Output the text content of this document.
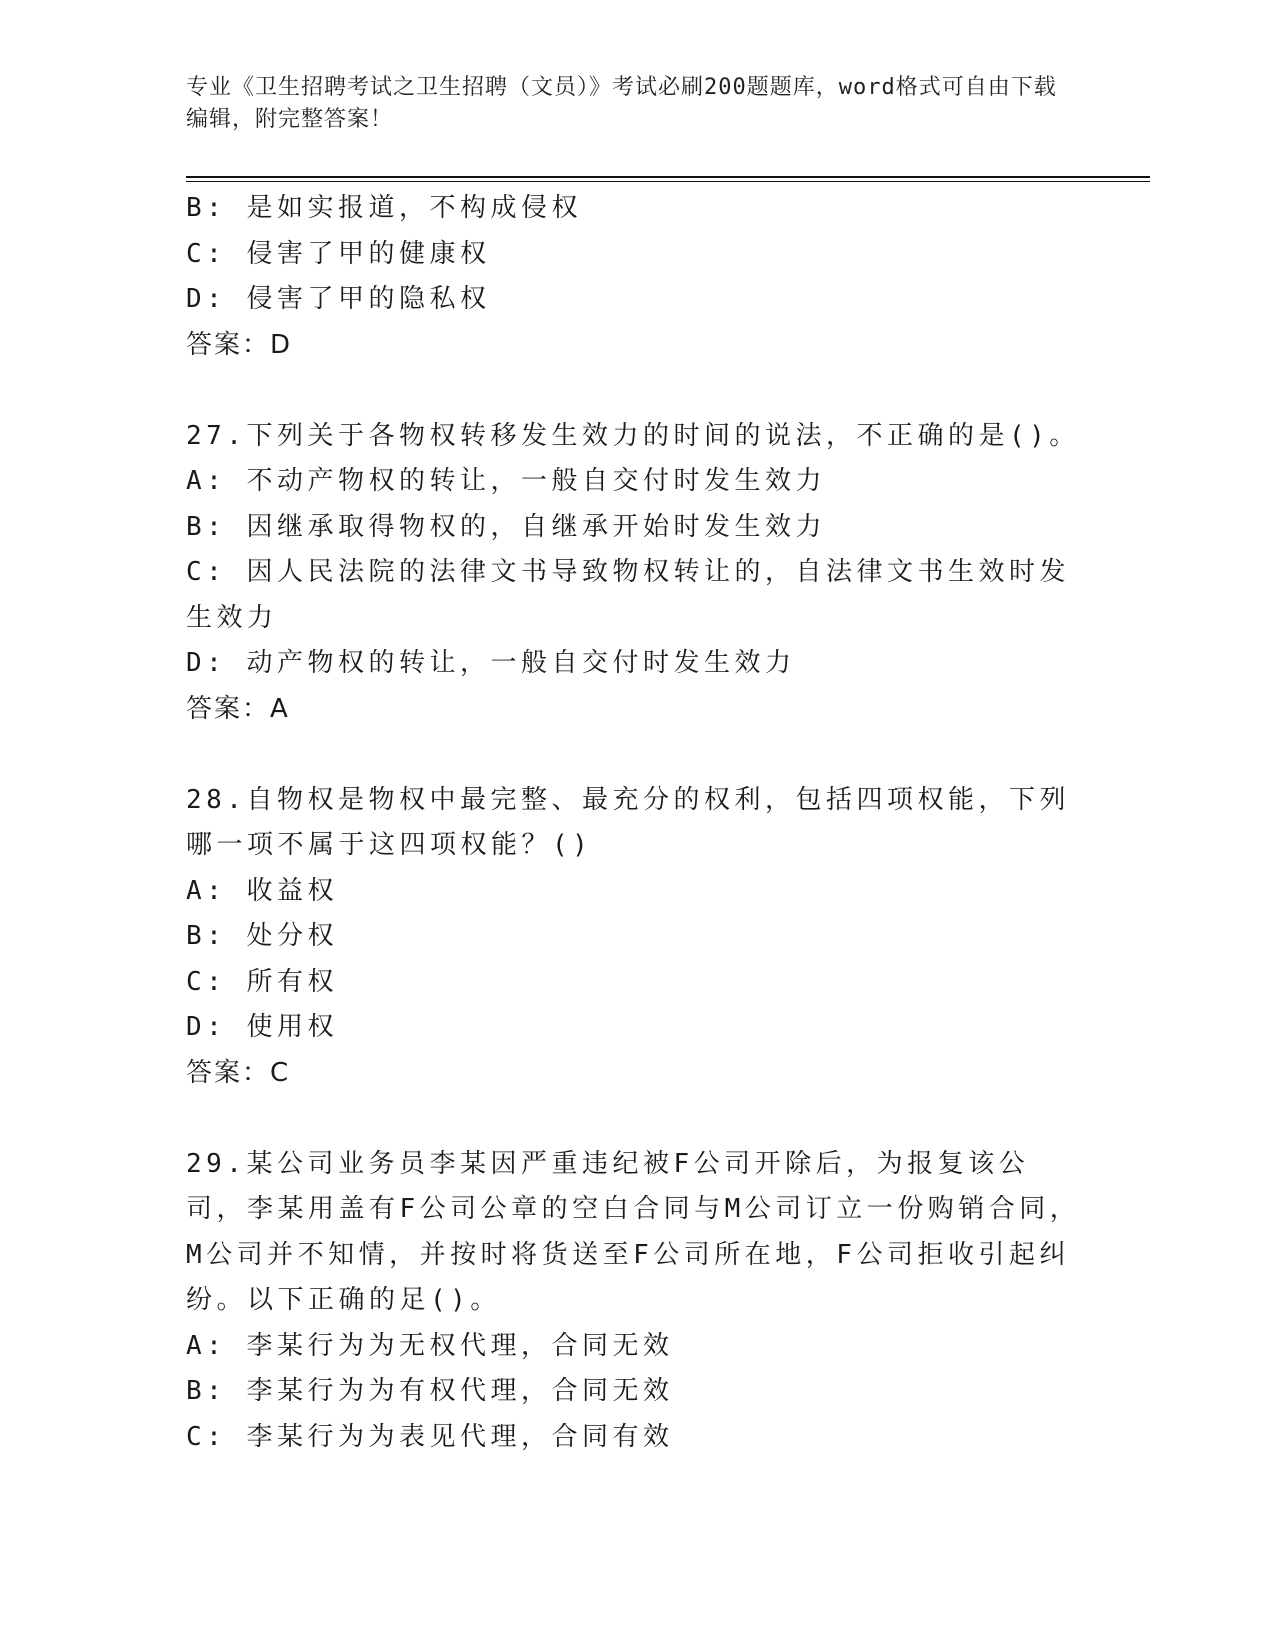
专业《卫生招聘考试之卫生招聘（文员）》考试必刷200题题库，word格式可自由下载编辑，附完整答案！
B: 是如实报道，不构成侵权
C: 侵害了甲的健康权
D: 侵害了甲的隐私权
答案：D
27.下列关于各物权转移发生效力的时间的说法，不正确的是()。
A: 不动产物权的转让，一般自交付时发生效力
B: 因继承取得物权的，自继承开始时发生效力
C: 因人民法院的法律文书导致物权转让的，自法律文书生效时发生效力
D: 动产物权的转让，一般自交付时发生效力
答案：A
28.自物权是物权中最完整、最充分的权利，包括四项权能，下列哪一项不属于这四项权能？()
A: 收益权
B: 处分权
C: 所有权
D: 使用权
答案：C
29.某公司业务员李某因严重违纪被F公司开除后，为报复该公司，李某用盖有F公司公章的空白合同与M公司订立一份购销合同，M公司并不知情，并按时将货送至F公司所在地，F公司拒收引起纠纷。以下正确的足()。
A: 李某行为为无权代理，合同无效
B: 李某行为为有权代理，合同无效
C: 李某行为为表见代理，合同有效
